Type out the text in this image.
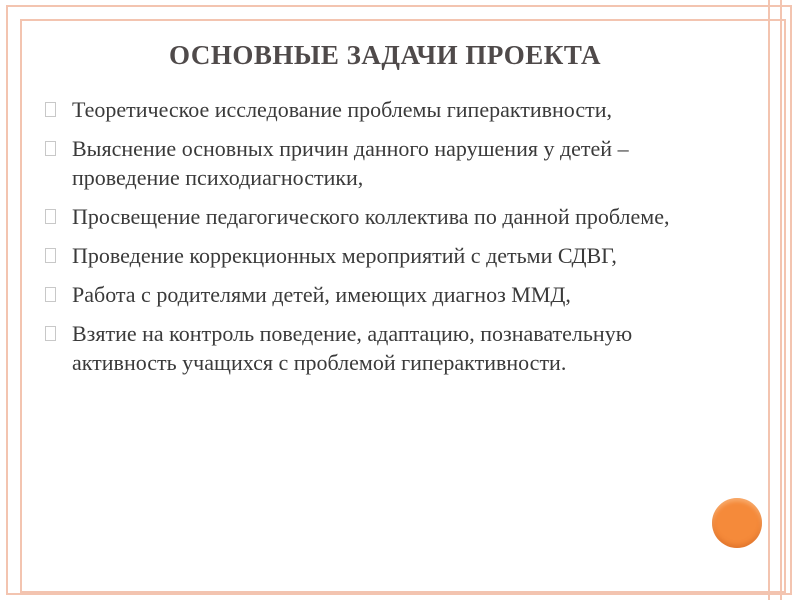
ОСНОВНЫЕ ЗАДАЧИ ПРОЕКТА
Теоретическое исследование проблемы гиперактивности,
Выяснение основных причин данного нарушения у детей – проведение психодиагностики,
Просвещение педагогического коллектива по данной проблеме,
Проведение коррекционных мероприятий с детьми СДВГ,
Работа с родителями детей, имеющих диагноз ММД,
Взятие на контроль поведение, адаптацию, познавательную активность учащихся с проблемой гиперактивности.
